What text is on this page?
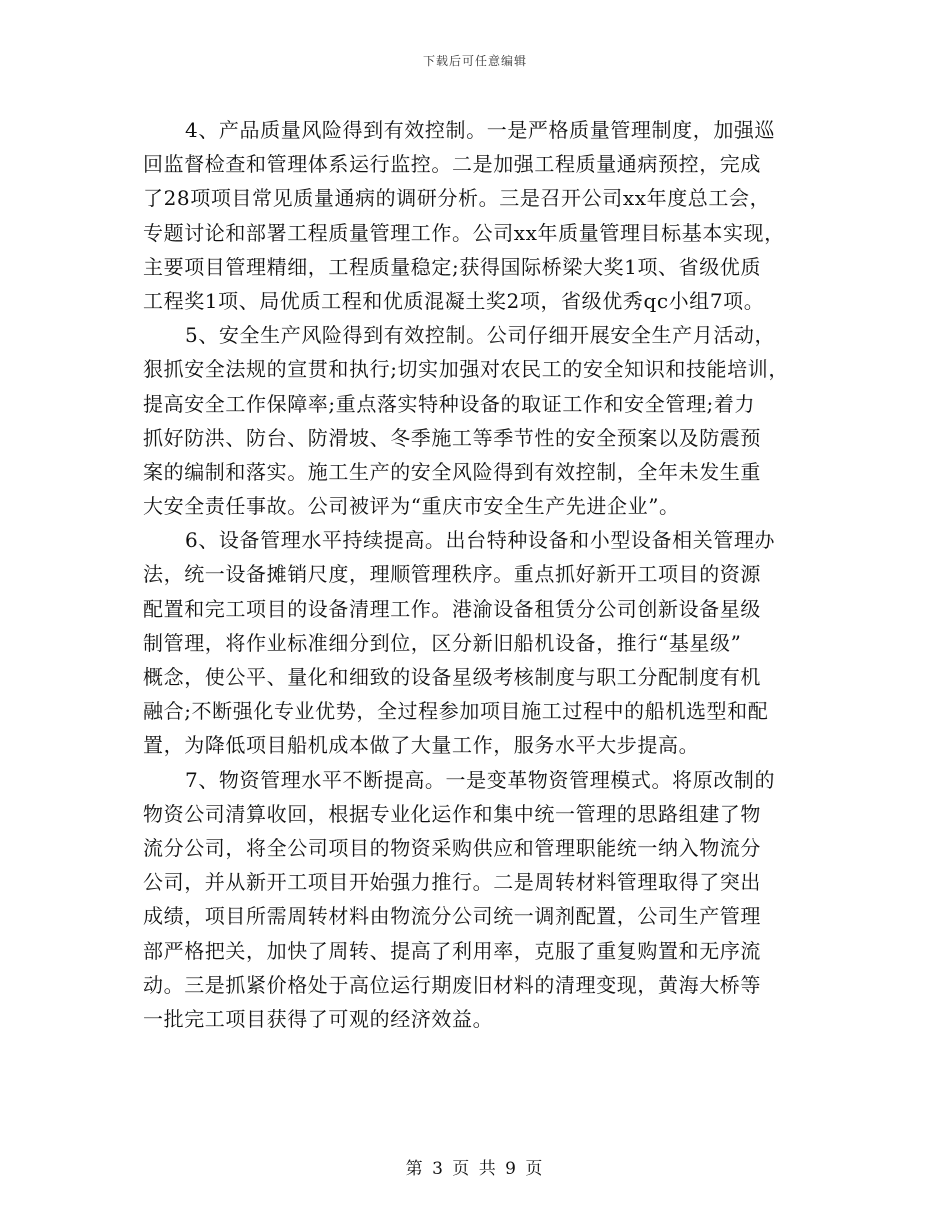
下载后可任意编辑
4、产品质量风险得到有效控制。一是严格质量管理制度，加强巡
回监督检查和管理体系运行监控。二是加强工程质量通病预控，完成
了28项项目常见质量通病的调研分析。三是召开公司xx年度总工会，
专题讨论和部署工程质量管理工作。公司xx年质量管理目标基本实现，
主要项目管理精细，工程质量稳定;获得国际桥梁大奖1项、省级优质
工程奖1项、局优质工程和优质混凝土奖2项，省级优秀qc小组7项。
5、安全生产风险得到有效控制。公司仔细开展安全生产月活动，
狠抓安全法规的宣贯和执行;切实加强对农民工的安全知识和技能培训，
提高安全工作保障率;重点落实特种设备的取证工作和安全管理;着力
抓好防洪、防台、防滑坡、冬季施工等季节性的安全预案以及防震预
案的编制和落实。施工生产的安全风险得到有效控制，全年未发生重
大安全责任事故。公司被评为“重庆市安全生产先进企业”。
6、设备管理水平持续提高。出台特种设备和小型设备相关管理办
法，统一设备摊销尺度，理顺管理秩序。重点抓好新开工项目的资源
配置和完工项目的设备清理工作。港渝设备租赁分公司创新设备星级
制管理，将作业标准细分到位，区分新旧船机设备，推行“基星级”
概念，使公平、量化和细致的设备星级考核制度与职工分配制度有机
融合;不断强化专业优势，全过程参加项目施工过程中的船机选型和配
置，为降低项目船机成本做了大量工作，服务水平大步提高。
7、物资管理水平不断提高。一是变革物资管理模式。将原改制的
物资公司清算收回，根据专业化运作和集中统一管理的思路组建了物
流分公司，将全公司项目的物资采购供应和管理职能统一纳入物流分
公司，并从新开工项目开始强力推行。二是周转材料管理取得了突出
成绩，项目所需周转材料由物流分公司统一调剂配置，公司生产管理
部严格把关，加快了周转、提高了利用率，克服了重复购置和无序流
动。三是抓紧价格处于高位运行期废旧材料的清理变现，黄海大桥等
一批完工项目获得了可观的经济效益。
第 3 页 共 9 页
